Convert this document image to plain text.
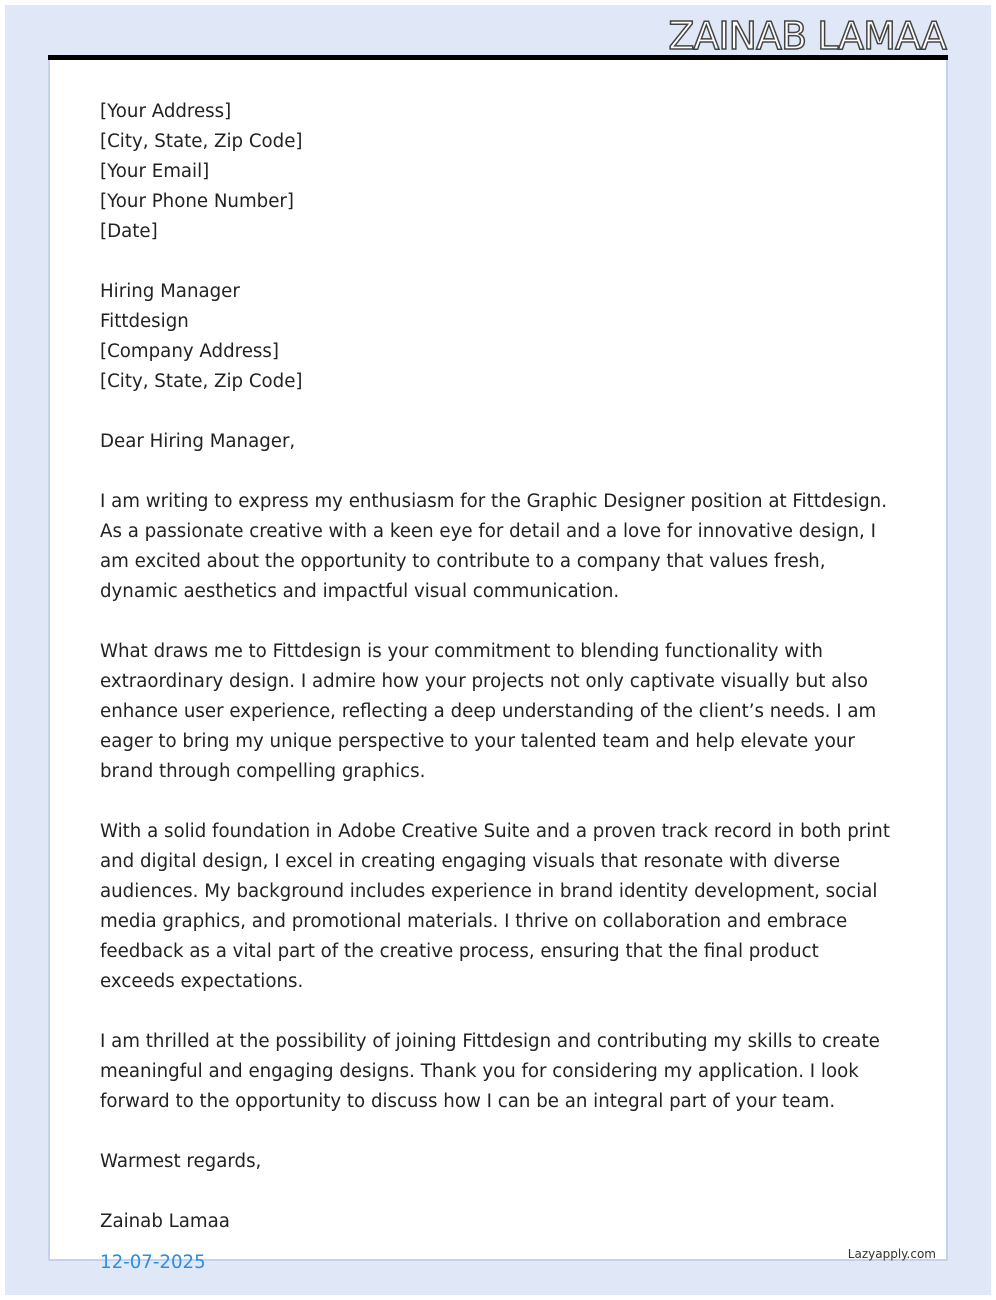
ZAINAB LAMAA

[Your Address]
[City, State, Zip Code]
[Your Email]
[Your Phone Number]
[Date]

Hiring Manager
Fittdesign
[Company Address]
[City, State, Zip Code]

Dear Hiring Manager,

I am writing to express my enthusiasm for the Graphic Designer position at Fittdesign. As a passionate creative with a keen eye for detail and a love for innovative design, I am excited about the opportunity to contribute to a company that values fresh, dynamic aesthetics and impactful visual communication.

What draws me to Fittdesign is your commitment to blending functionality with extraordinary design. I admire how your projects not only captivate visually but also enhance user experience, reflecting a deep understanding of the client’s needs. I am eager to bring my unique perspective to your talented team and help elevate your brand through compelling graphics.

With a solid foundation in Adobe Creative Suite and a proven track record in both print and digital design, I excel in creating engaging visuals that resonate with diverse audiences. My background includes experience in brand identity development, social media graphics, and promotional materials. I thrive on collaboration and embrace feedback as a vital part of the creative process, ensuring that the final product exceeds expectations.

I am thrilled at the possibility of joining Fittdesign and contributing my skills to create meaningful and engaging designs. Thank you for considering my application. I look forward to the opportunity to discuss how I can be an integral part of your team.

Warmest regards,

Zainab Lamaa

12-07-2025	Lazyapply.com
